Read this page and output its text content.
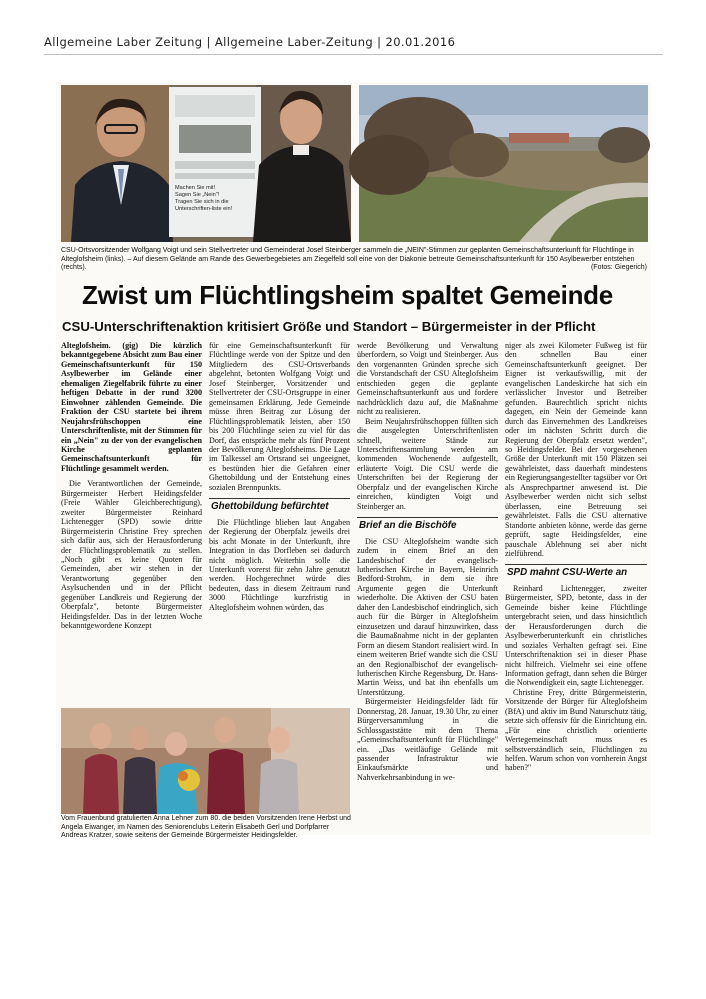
Allgemeine Laber Zeitung | Allgemeine Laber-Zeitung | 20.01.2016
Machen Sie mit!
Sagen Sie „Nein"!
Tragen Sie sich in die Unterschriften-liste ein!

CSU-Ortsvorsitzender Wolfgang Voigt und sein Stellvertreter und Gemeinderat Josef Steinberger sammeln die „NEIN"-Stimmen zur geplanten Gemeinschaftsunterkunft für Flüchtlinge in Alteglofsheim (links). – Auf diesem Gelände am Rande des Gewerbegebietes am Ziegelfeld soll eine von der Diakonie betreute Gemeinschaftsunterkunft für 150 Asylbewerber entstehen (rechts).	(Fotos: Giegerich)

Zwist um Flüchtlingsheim spaltet Gemeinde
CSU-Unterschriftenaktion kritisiert Größe und Standort – Bürgermeister in der Pflicht

Alteglofsheim. (gig) Die kürzlich bekanntgegebene Absicht zum Bau einer Gemeinschaftsunterkunft für 150 Asylbewerber im Gelände einer ehemaligen Ziegelfabrik führte zu einer heftigen Debatte in der rund 3200 Einwohner zählenden Gemeinde. Die Fraktion der CSU startete bei ihrem Neujahrsfrühschoppen eine Unterschriftenliste, mit der Stimmen für ein „Nein" zu der von der evangelischen Kirche geplanten Gemeinschaftsunterkunft für Flüchtlinge gesammelt werden.

Die Verantwortlichen der Gemeinde, Bürgermeister Herbert Heidingsfelder (Freie Wähler Gleichberechtigung), zweiter Bürgermeister Reinhard Lichtenegger (SPD) sowie dritte Bürgermeisterin Christine Frey sprechen sich dafür aus, sich der Herausforderung der Flüchtlingsproblematik zu stellen. „Noch gibt es keine Quoten für Gemeinden, aber wir stehen in der Verantwortung gegenüber den Asylsuchenden und in der Pflicht gegenüber Landkreis und Regierung der Oberpfalz", betonte Bürgermeister Heidingsfelder. Das in der letzten Woche bekanntgewordene Konzept

für eine Gemeinschaftsunterkunft für Flüchtlinge werde von der Spitze und den Mitgliedern des CSU-Ortsverbands abgelehnt, betonten Wolfgang Voigt und Josef Steinberger, Vorsitzender und Stellvertreter der CSU-Ortsgruppe in einer gemeinsamen Erklärung. Jede Gemeinde müsse ihren Beitrag zur Lösung der Flüchtlingsproblematik leisten, aber 150 bis 200 Flüchtlinge seien zu viel für das Dorf, das entspräche mehr als fünf Prozent der Bevölkerung Alteglofsheims. Die Lage im Talkessel am Ortsrand sei ungeeignet, es bestünden hier die Gefahren einer Ghettobildung und der Entstehung eines sozialen Brennpunkts.

Ghettobildung befürchtet

Die Flüchtlinge blieben laut Angaben der Regierung der Oberpfalz jeweils drei bis acht Monate in der Unterkunft, ihre Integration in das Dorfleben sei dadurch nicht möglich. Weiterhin solle die Unterkunft vorerst für zehn Jahre genutzt werden. Hochgerechnet würde dies bedeuten, dass in diesem Zeitraum rund 3000 Flüchtlinge kurzfristig in Alteglofsheim wohnen würden, das

werde Bevölkerung und Verwaltung überfordern, so Voigt und Steinberger. Aus den vorgenannten Gründen spreche sich die Vorstandschaft der CSU Alteglofsheim entschieden gegen die geplante Gemeinschaftsunterkunft aus und fordere nachdrücklich dazu auf, die Maßnahme nicht zu realisieren.

Beim Neujahrsfrühschoppen füllten sich die ausgelegten Unterschriftenlisten schnell, weitere Stände zur Unterschriftensammlung werden am kommenden Wochenende aufgestellt, erläuterte Voigt. Die CSU werde die Unterschriften bei der Regierung der Oberpfalz und der evangelischen Kirche einreichen, kündigten Voigt und Steinberger an.

Brief an die Bischöfe

Die CSU Alteglofsheim wandte sich zudem in einem Brief an den Landesbischof der evangelisch-lutherischen Kirche in Bayern, Heinrich Bedford-Strohm, in dem sie ihre Argumente gegen die Unterkunft wiederholte. Die Aktiven der CSU baten daher den Landesbischof eindringlich, sich auch für die Bürger in Alteglofsheim einzusetzen und darauf hinzuwirken, dass die Baumaßnahme nicht in der geplanten Form an diesem Standort realisiert wird. In einem weiteren Brief wandte sich die CSU an den Regionalbischof der evangelisch-lutherischen Kirche Regensburg, Dr. Hans-Martin Weiss, und bat ihn ebenfalls um Unterstützung.

Bürgermeister Heidingsfelder lädt für Donnerstag, 28. Januar, 19.30 Uhr, zu einer Bürgerversammlung in die Schlossgaststätte mit dem Thema „Gemeinschaftsunterkunft für Flüchtlinge" ein. „Das weitläufige Gelände mit passender Infrastruktur wie Einkaufsmärkte und Nahverkehrsanbindung in we-

niger als zwei Kilometer Fußweg ist für den schnellen Bau einer Gemeinschaftsunterkunft geeignet. Der Eigner ist verkaufswillig, mit der evangelischen Landeskirche hat sich ein verlässlicher Investor und Betreiber gefunden. Baurechtlich spricht nichts dagegen, ein Nein der Gemeinde kann durch das Einvernehmen des Landkreises oder im nächsten Schritt durch die Regierung der Oberpfalz ersetzt werden", so Heidingsfelder. Bei der vorgesehenen Größe der Unterkunft mit 150 Plätzen sei gewährleistet, dass dauerhaft mindestens ein Regierungsangestellter tagsüber vor Ort als Ansprechpartner anwesend ist. Die Asylbewerber werden nicht sich selbst überlassen, eine Betreuung sei gewährleistet. Falls die CSU alternative Standorte anbieten könne, werde das gerne geprüft, sagte Heidingsfelder, eine pauschale Ablehnung sei aber nicht zielführend.

SPD mahnt CSU-Werte an

Reinhard Lichtenegger, zweiter Bürgermeister, SPD, betonte, dass in der Gemeinde bisher keine Flüchtlinge untergebracht seien, und dass hinsichtlich der Herausforderungen durch die Asylbewerberunterkunft ein christliches und soziales Verhalten gefragt sei. Eine Unterschriftenaktion sei in dieser Phase nicht hilfreich. Vielmehr sei eine offene Information gefragt, dann sehen die Bürger die Notwendigkeit ein, sagte Lichtenegger.

Christine Frey, dritte Bürgermeisterin, Vorsitzende der Bürger für Alteglofsheim (BfA) und aktiv im Bund Naturschutz tätig, setzte sich offensiv für die Einrichtung ein. „Für eine christlich orientierte Wertegemeinschaft muss es selbstverständlich sein, Flüchtlingen zu helfen. Warum schon von vornherein Angst haben?"

Vom Frauenbund gratulierten Anna Lehner zum 80. die beiden Vorsitzenden Irene Herbst und Angela Eiwanger, im Namen des Seniorenclubs Leiterin Elisabeth Gerl und Dorfpfarrer Andreas Kratzer, sowie seitens der Gemeinde Bürgermeister Heidingsfelder.
